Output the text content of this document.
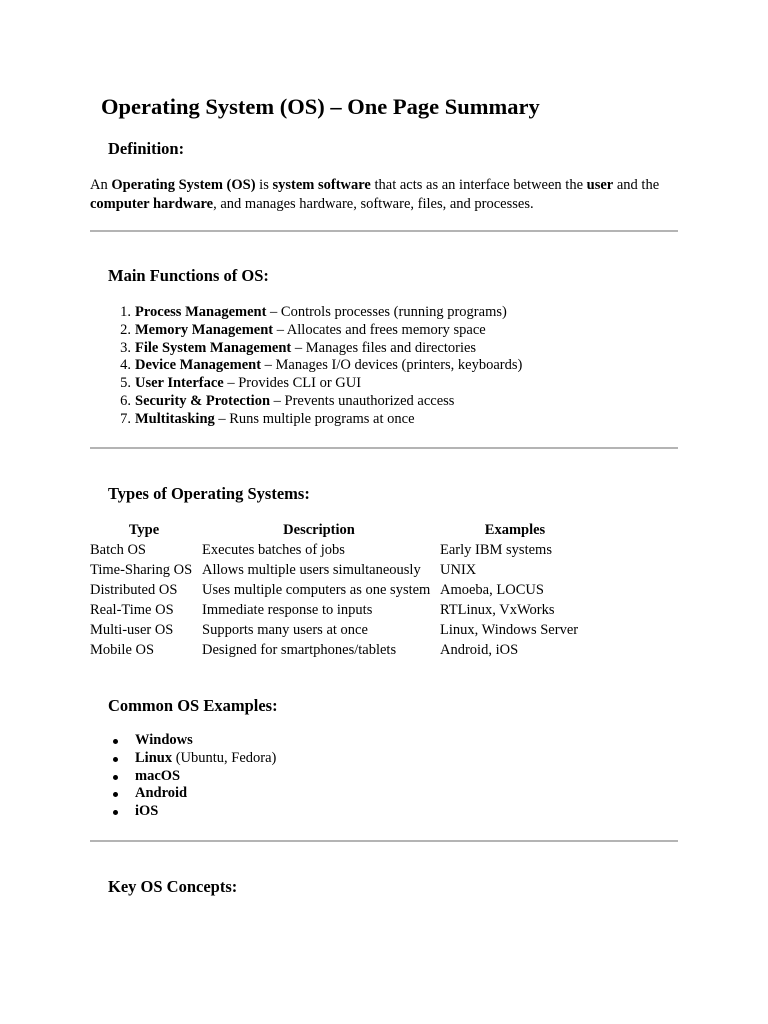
Operating System (OS) – One Page Summary
Definition:

An Operating System (OS) is system software that acts as an interface between the user and the computer hardware, and manages hardware, software, files, and processes.

Main Functions of OS:
1. Process Management – Controls processes (running programs)
2. Memory Management – Allocates and frees memory space
3. File System Management – Manages files and directories
4. Device Management – Manages I/O devices (printers, keyboards)
5. User Interface – Provides CLI or GUI
6. Security & Protection – Prevents unauthorized access
7. Multitasking – Runs multiple programs at once
Types of Operating Systems:
Type	Description	Examples
Batch OS	Executes batches of jobs	Early IBM systems
Time-Sharing OS	Allows multiple users simultaneously	UNIX
Distributed OS	Uses multiple computers as one system	Amoeba, LOCUS
Real-Time OS	Immediate response to inputs	RTLinux, VxWorks
Multi-user OS	Supports many users at once	Linux, Windows Server
Mobile OS	Designed for smartphones/tablets	Android, iOS
Common OS Examples:
Windows
Linux (Ubuntu, Fedora)
macOS
Android
iOS
Key OS Concepts:
